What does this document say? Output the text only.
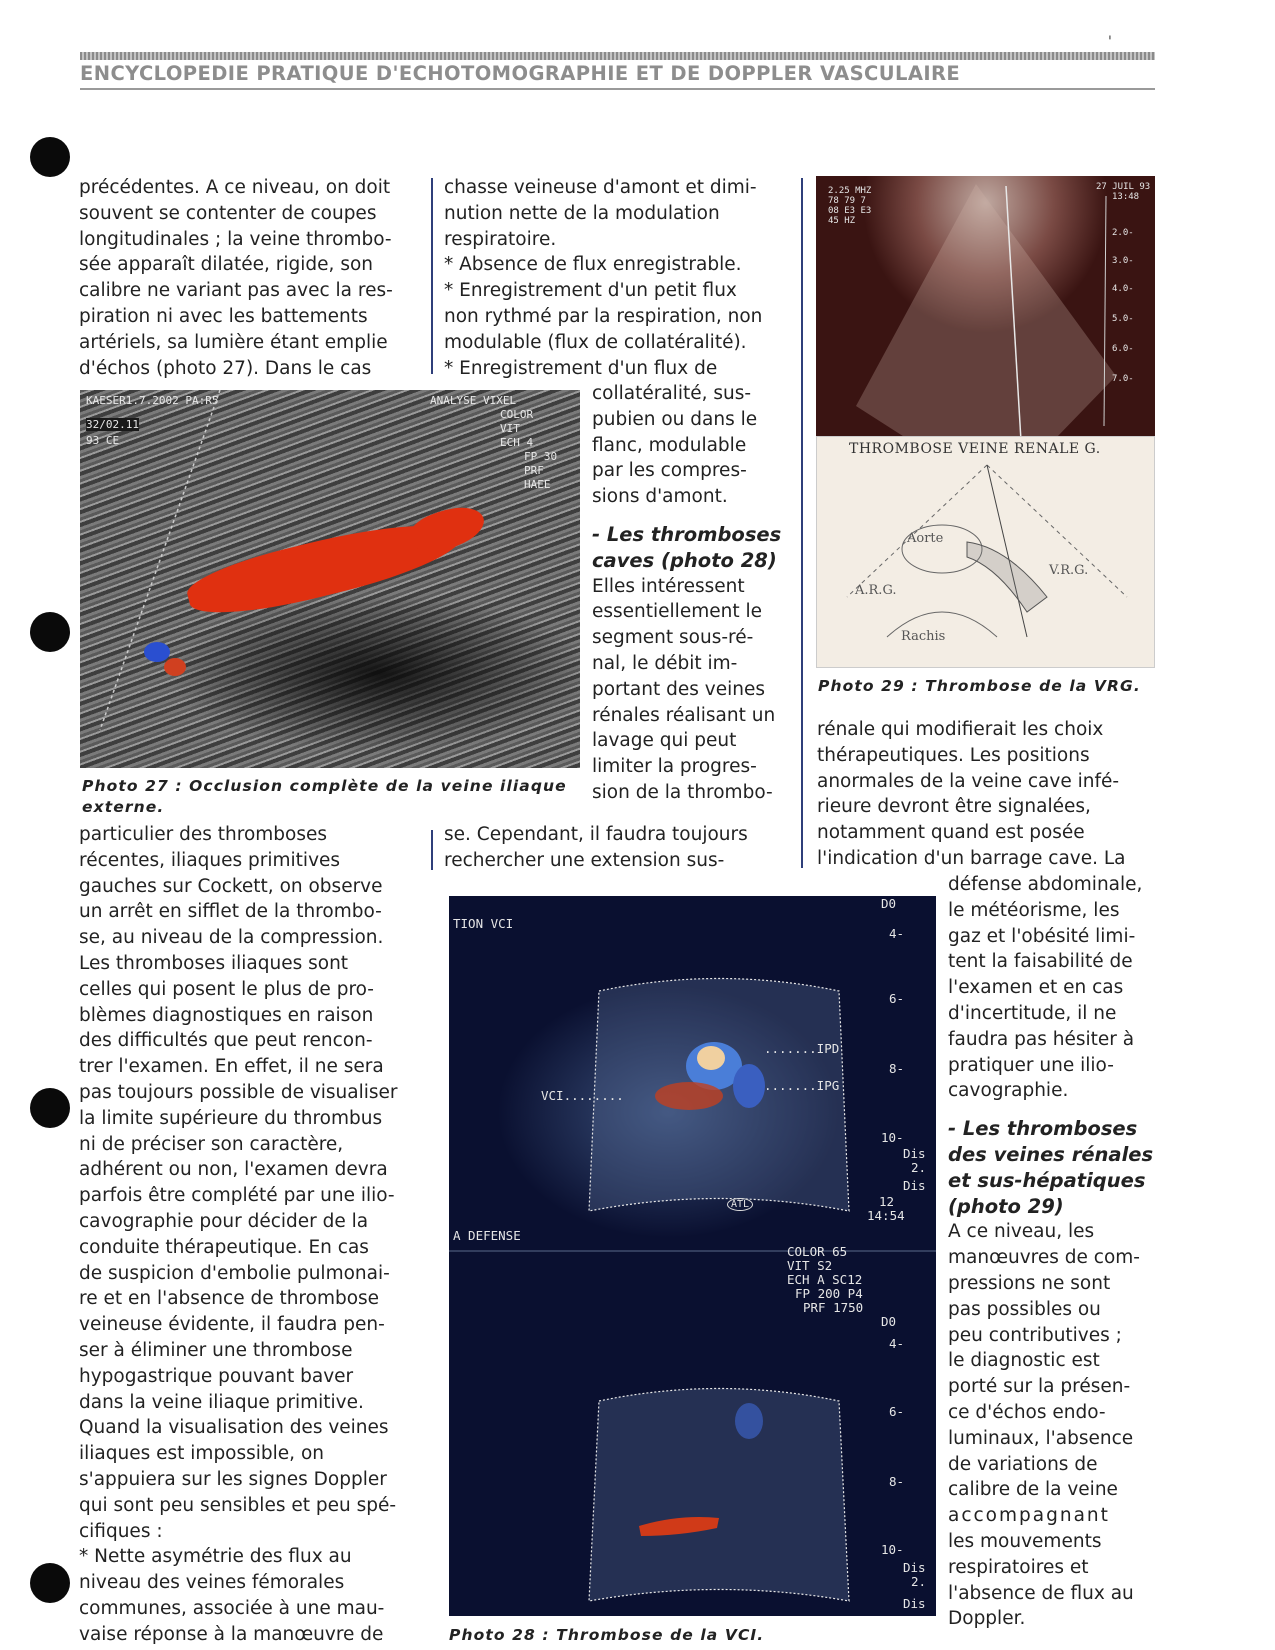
'
ENCYCLOPEDIE PRATIQUE D'ECHOTOMOGRAPHIE ET DE DOPPLER VASCULAIRE

précédentes. A ce niveau, on doit

souvent se contenter de coupes

longitudinales ; la veine thrombo-

sée apparaît dilatée, rigide, son

calibre ne variant pas avec la res-

piration ni avec les battements

artériels, sa lumière étant emplie

d'échos (photo 27). Dans le cas

KAESER1.7.2002 PA:R5
32/02.11
93 CE
ANALYSE VIXEL
COLOR
VIT
ECH 4
FP 30
PRF
HAEE
Photo 27 : Occlusion complète de la veine iliaque
externe.

particulier des thromboses

récentes, iliaques primitives

gauches sur Cockett, on observe

un arrêt en sifflet de la thrombo-

se, au niveau de la compression.

Les thromboses iliaques sont

celles qui posent le plus de pro-

blèmes diagnostiques en raison

des difficultés que peut rencon-

trer l'examen. En effet, il ne sera

pas toujours possible de visualiser

la limite supérieure du thrombus

ni de préciser son caractère,

adhérent ou non, l'examen devra

parfois être complété par une ilio-

cavographie pour décider de la

conduite thérapeutique. En cas

de suspicion d'embolie pulmonai-

re et en l'absence de thrombose

veineuse évidente, il faudra pen-

ser à éliminer une thrombose

hypogastrique pouvant baver

dans la veine iliaque primitive.

Quand la visualisation des veines

iliaques est impossible, on

s'appuiera sur les signes Doppler

qui sont peu sensibles et peu spé-

cifiques :

* Nette asymétrie des flux au

niveau des veines fémorales

communes, associée à une mau-

vaise réponse à la manœuvre de

chasse veineuse d'amont et dimi-

nution nette de la modulation

respiratoire.

* Absence de flux enregistrable.

* Enregistrement d'un petit flux

non rythmé par la respiration, non

modulable (flux de collatéralité).

* Enregistrement d'un flux de

collatéralité, sus-

pubien ou dans le

flanc, modulable

par les compres-

sions d'amont.

- Les thromboses

caves (photo 28)

Elles intéressent

essentiellement le

segment sous-ré-

nal, le débit im-

portant des veines

rénales réalisant un

lavage qui peut

limiter la progres-

sion de la thrombo-

se. Cependant, il faudra toujours

rechercher une extension sus-

2.25 MHZ
78 79 7
08 E3 E3
45 HZ
27 JUIL 93
13:48
2.0-
3.0-
4.0-
5.0-
6.0-
7.0-
THROMBOSE VEINE RENALE G.
Aorte
V.R.G.
A.R.G.
Rachis
Photo 29 : Thrombose de la VRG.

rénale qui modifierait les choix

thérapeutiques. Les positions

anormales de la veine cave infé-

rieure devront être signalées,

notamment quand est posée

l'indication d'un barrage cave. La

défense abdominale,

le météorisme, les

gaz et l'obésité limi-

tent la faisabilité de

l'examen et en cas

d'incertitude, il ne

faudra pas hésiter à

pratiquer une ilio-

cavographie.

- Les thromboses

des veines rénales

et sus-hépatiques

(photo 29)

A ce niveau, les

manœuvres de com-

pressions ne sont

pas possibles ou

peu contributives ;

le diagnostic est

porté sur la présen-

ce d'échos endo-

luminaux, l'absence

de variations de

calibre de la veine

accompagnant

les mouvements

respiratoires et

l'absence de flux au

Doppler.

TION VCI
D0
4-
6-
8-
10-
12
.......IPD
.......IPG
VCI........
Dis
2.
Dis
14:54
ATL
A DEFENSE
COLOR 65
VIT S2
ECH A SC12
FP 200 P4
PRF 1750
D0
4-
6-
8-
10-
Dis
2.
Dis
Photo 28 : Thrombose de la VCI.
